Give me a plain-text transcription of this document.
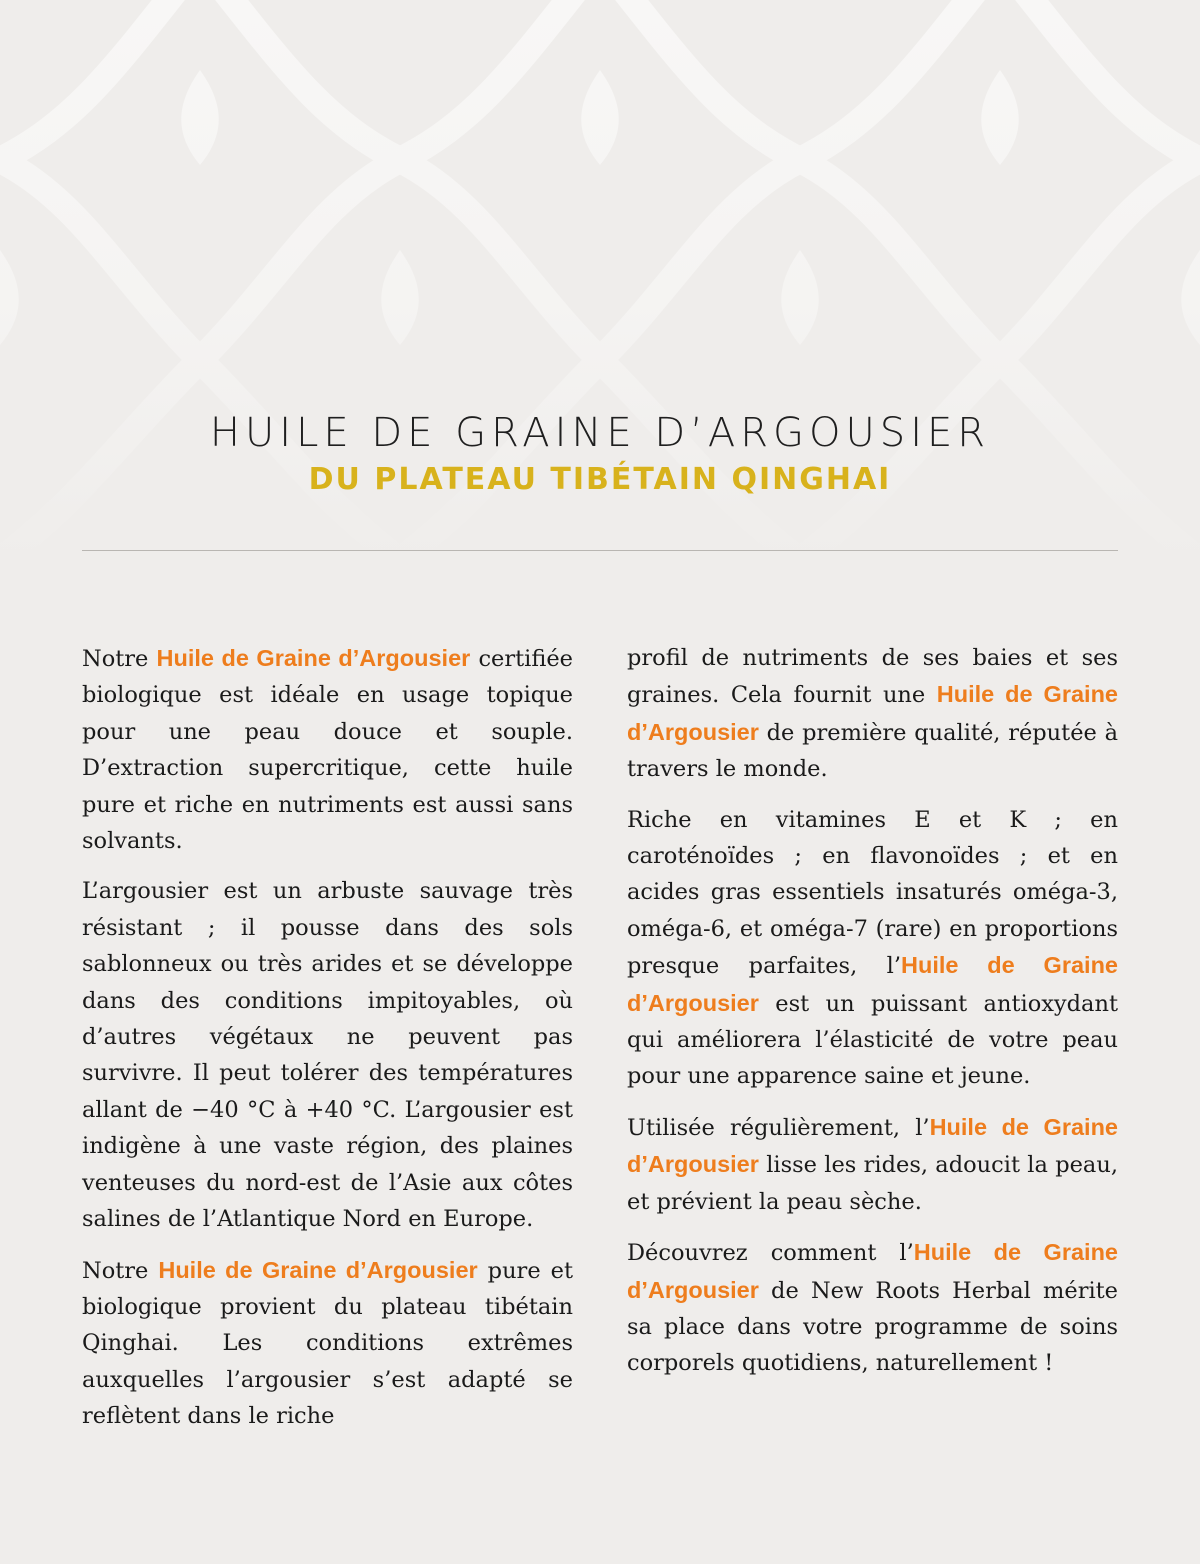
HUILE DE GRAINE D’ARGOUSIER
DU PLATEAU TIBÉTAIN QINGHAI

Notre Huile de Graine d’Argousier certifiée biologique est idéale en usage topique pour une peau douce et souple. D’extraction supercritique, cette huile pure et riche en nutriments est aussi sans solvants.

L’argousier est un arbuste sauvage très résistant ; il pousse dans des sols sablonneux ou très arides et se développe dans des conditions impitoyables, où d’autres végétaux ne peuvent pas survivre. Il peut tolérer des températures allant de −40 °C à +40 °C. L’argousier est indigène à une vaste région, des plaines venteuses du nord-est de l’Asie aux côtes salines de l’Atlantique Nord en Europe.

Notre Huile de Graine d’Argousier pure et biologique provient du plateau tibétain Qinghai. Les conditions extrêmes auxquelles l’argousier s’est adapté se reflètent dans le riche

profil de nutriments de ses baies et ses graines. Cela fournit une Huile de Graine d’Argousier de première qualité, réputée à travers le monde.

Riche en vitamines E et K ; en caroténoïdes ; en flavonoïdes ; et en acides gras essentiels insaturés oméga-3, oméga-6, et oméga-7 (rare) en proportions presque parfaites, l’Huile de Graine d’Argousier est un puissant antioxydant qui améliorera l’élasticité de votre peau pour une apparence saine et jeune.

Utilisée régulièrement, l’Huile de Graine d’Argousier lisse les rides, adoucit la peau, et prévient la peau sèche.

Découvrez comment l’Huile de Graine d’Argousier de New Roots Herbal mérite sa place dans votre programme de soins corporels quotidiens, naturellement !
